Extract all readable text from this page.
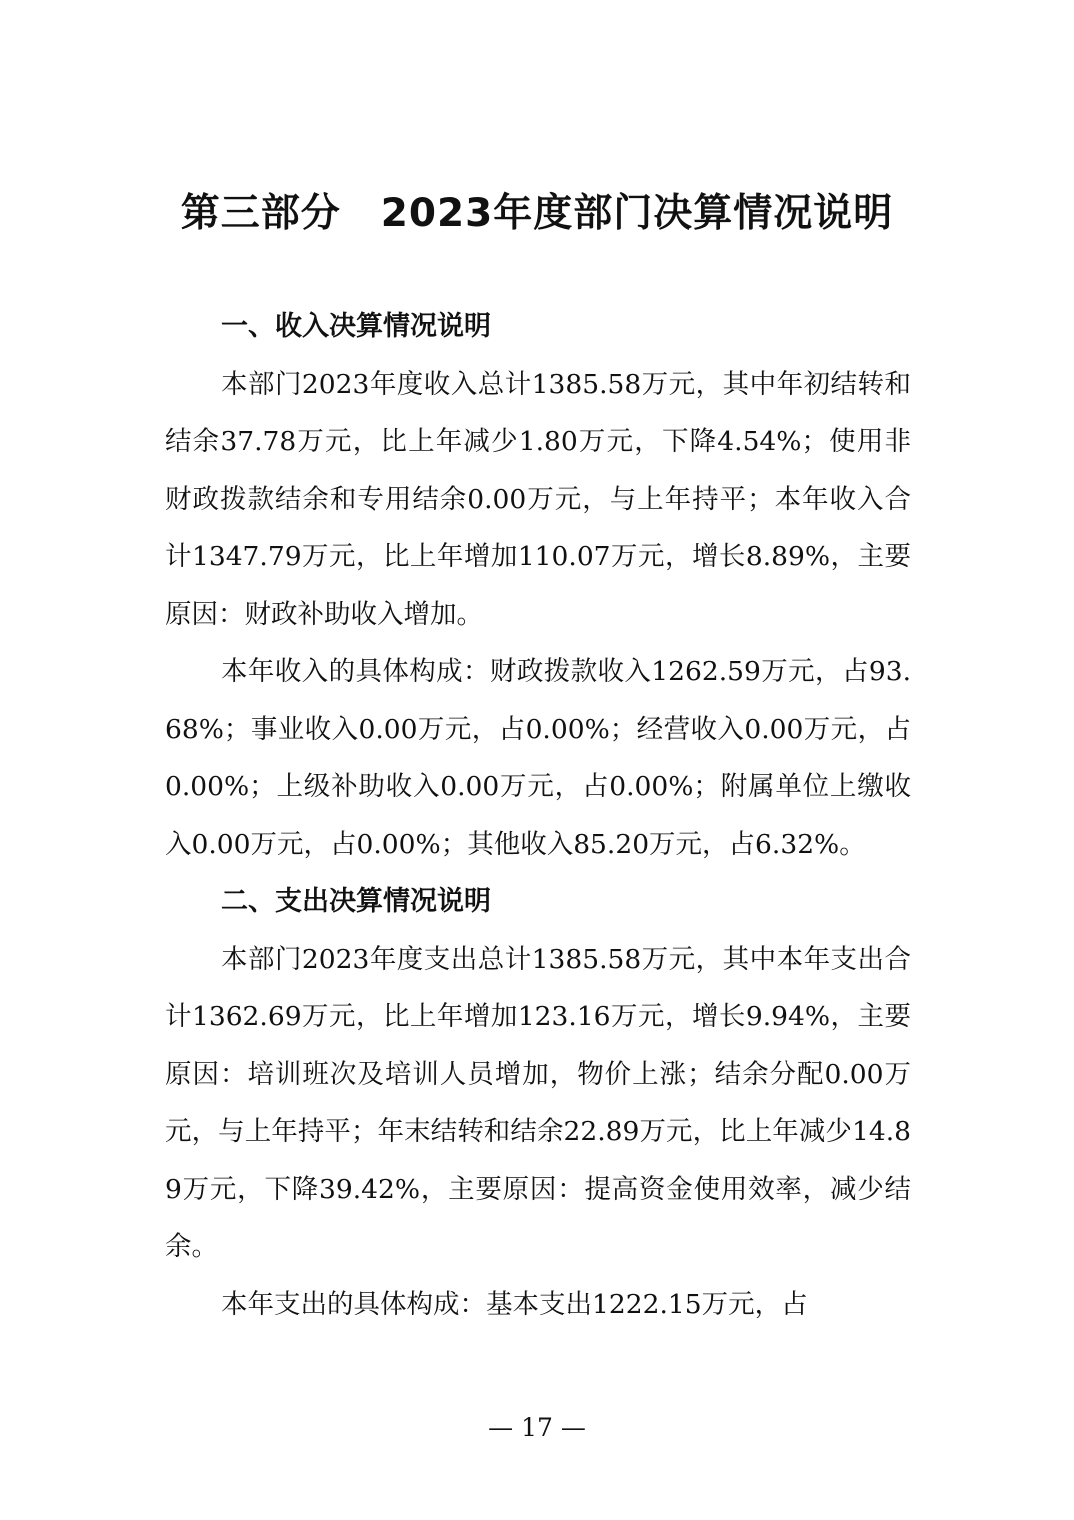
第三部分　2023年度部门决算情况说明
一、收入决算情况说明

本部门2023年度收入总计1385.58万元，其中年初结转和结余37.78万元，比上年减少1.80万元，下降4.54%；使用非财政拨款结余和专用结余0.00万元，与上年持平；本年收入合计1347.79万元，比上年增加110.07万元，增长8.89%，主要原因：财政补助收入增加。

本年收入的具体构成：财政拨款收入1262.59万元，占93.68%；事业收入0.00万元，占0.00%；经营收入0.00万元，占0.00%；上级补助收入0.00万元，占0.00%；附属单位上缴收入0.00万元，占0.00%；其他收入85.20万元，占6.32%。

二、支出决算情况说明

本部门2023年度支出总计1385.58万元，其中本年支出合计1362.69万元，比上年增加123.16万元，增长9.94%，主要原因：培训班次及培训人员增加，物价上涨；结余分配0.00万元，与上年持平；年末结转和结余22.89万元，比上年减少14.89万元，下降39.42%，主要原因：提高资金使用效率，减少结余。

本年支出的具体构成：基本支出1222.15万元，占

— 17 —
